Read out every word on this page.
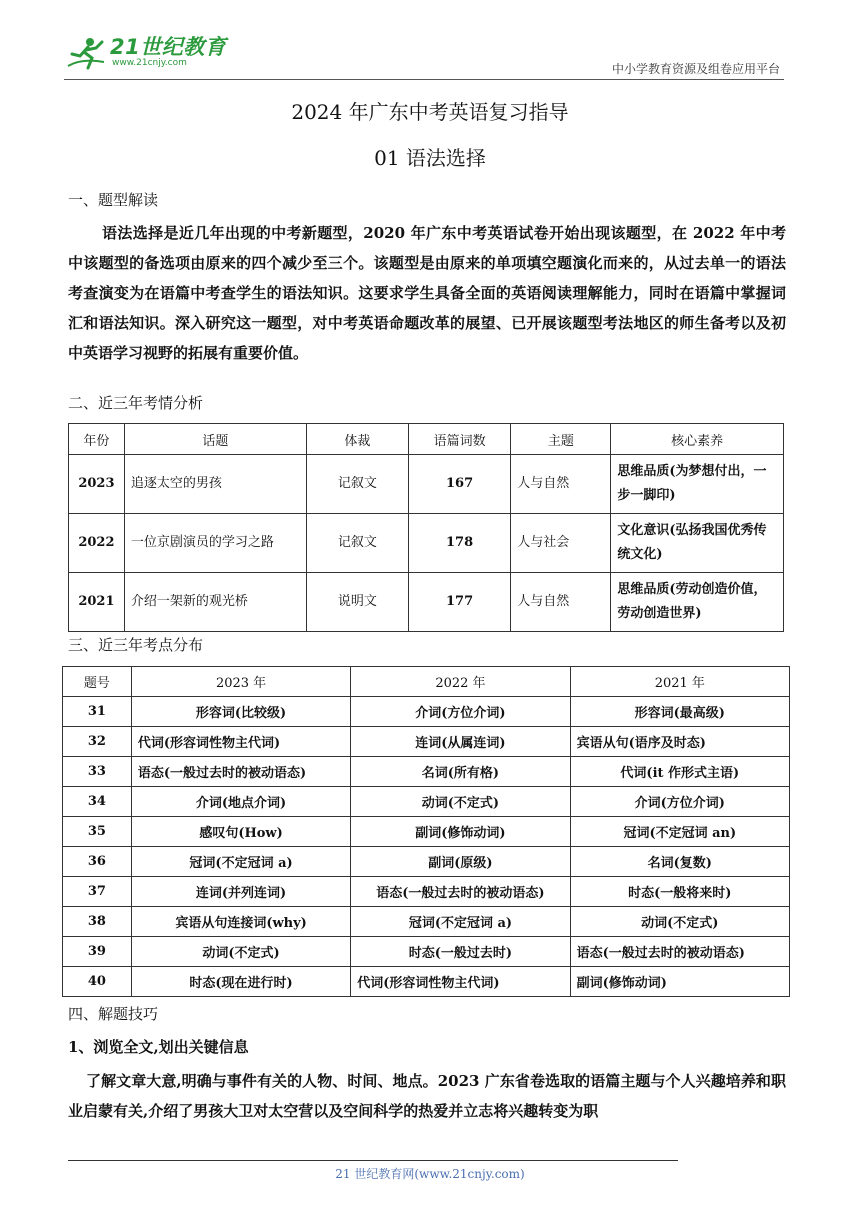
21世纪教育
www.21cnjy.com	中小学教育资源及组卷应用平台
2024 年广东中考英语复习指导
01 语法选择
一、题型解读
语法选择是近几年出现的中考新题型，2020 年广东中考英语试卷开始出现该题型，在 2022 年中考中该题型的备选项由原来的四个减少至三个。该题型是由原来的单项填空题演化而来的，从过去单一的语法考查演变为在语篇中考查学生的语法知识。这要求学生具备全面的英语阅读理解能力，同时在语篇中掌握词汇和语法知识。深入研究这一题型，对中考英语命题改革的展望、已开展该题型考法地区的师生备考以及初中英语学习视野的拓展有重要价值。
二、近三年考情分析
年份	话题	体裁	语篇词数	主题	核心素养
2023	追逐太空的男孩	记叙文	167	人与自然	思维品质(为梦想付出，一步一脚印)
2022	一位京剧演员的学习之路	记叙文	178	人与社会	文化意识(弘扬我国优秀传统文化)
2021	介绍一架新的观光桥	说明文	177	人与自然	思维品质(劳动创造价值，劳动创造世界)
三、近三年考点分布
题号	2023 年	2022 年	2021 年
31	形容词(比较级)	介词(方位介词)	形容词(最高级)
32	代词(形容词性物主代词)	连词(从属连词)	宾语从句(语序及时态)
33	语态(一般过去时的被动语态)	名词(所有格)	代词(it 作形式主语)
34	介词(地点介词)	动词(不定式)	介词(方位介词)
35	感叹句(How)	副词(修饰动词)	冠词(不定冠词 an)
36	冠词(不定冠词 a)	副词(原级)	名词(复数)
37	连词(并列连词)	语态(一般过去时的被动语态)	时态(一般将来时)
38	宾语从句连接词(why)	冠词(不定冠词 a)	动词(不定式)
39	动词(不定式)	时态(一般过去时)	语态(一般过去时的被动语态)
40	时态(现在进行时)	代词(形容词性物主代词)	副词(修饰动词)
四、解题技巧
1、浏览全文,划出关键信息
了解文章大意,明确与事件有关的人物、时间、地点。2023 广东省卷选取的语篇主题与个人兴趣培养和职业启蒙有关,介绍了男孩大卫对太空营以及空间科学的热爱并立志将兴趣转变为职
21 世纪教育网(www.21cnjy.com)
